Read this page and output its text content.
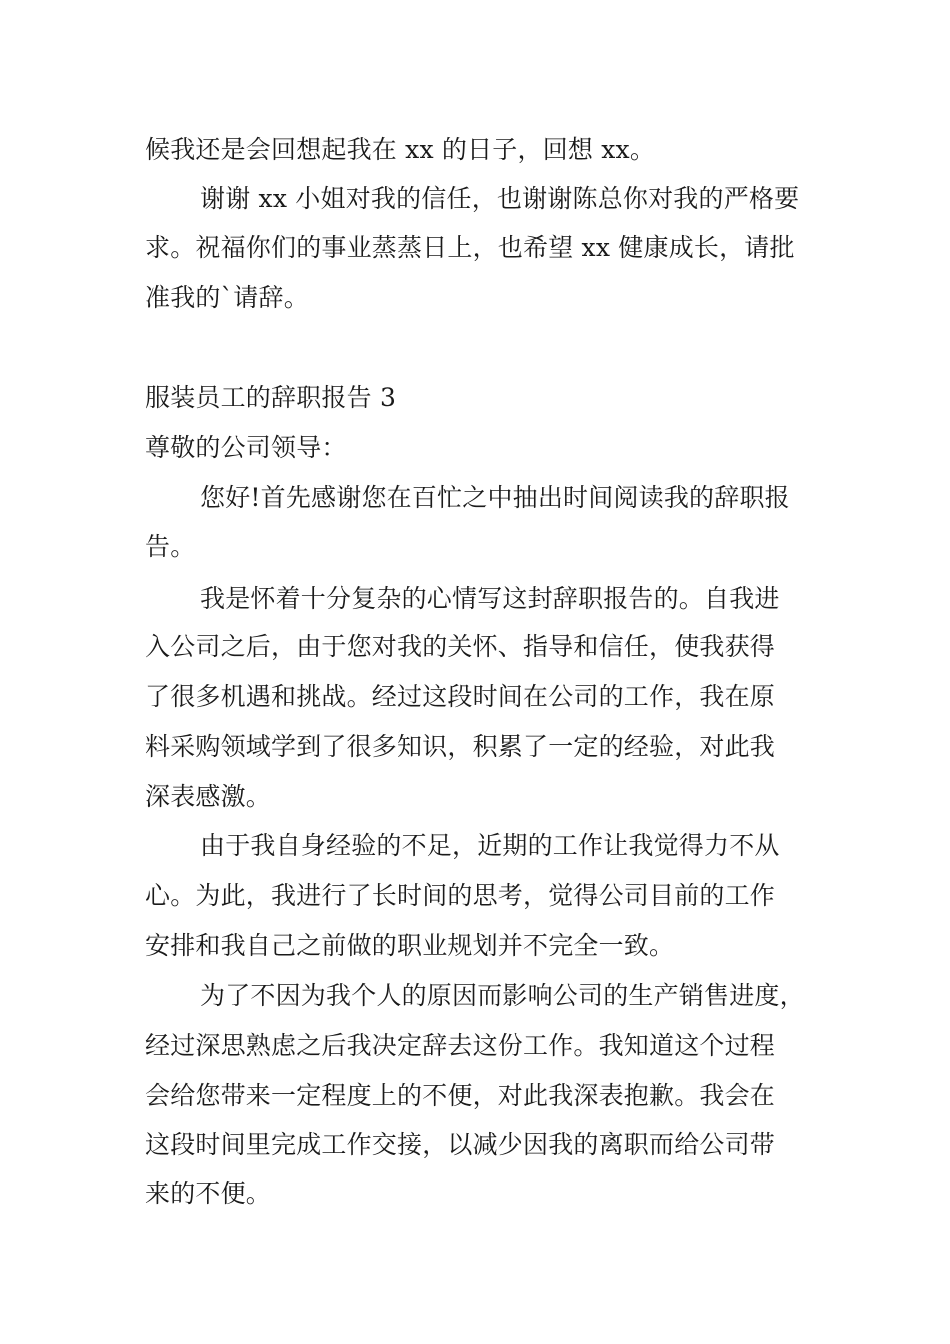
候我还是会回想起我在 xx 的日子，回想 xx。
谢谢 xx 小姐对我的信任，也谢谢陈总你对我的严格要
求。祝福你们的事业蒸蒸日上，也希望 xx 健康成长，请批
准我的`请辞。
服装员工的辞职报告 3
尊敬的公司领导：
您好!首先感谢您在百忙之中抽出时间阅读我的辞职报
告。
我是怀着十分复杂的心情写这封辞职报告的。自我进
入公司之后，由于您对我的关怀、指导和信任，使我获得
了很多机遇和挑战。经过这段时间在公司的工作，我在原
料采购领域学到了很多知识，积累了一定的经验，对此我
深表感激。
由于我自身经验的不足，近期的工作让我觉得力不从
心。为此，我进行了长时间的思考，觉得公司目前的工作
安排和我自己之前做的职业规划并不完全一致。
为了不因为我个人的原因而影响公司的生产销售进度，
经过深思熟虑之后我决定辞去这份工作。我知道这个过程
会给您带来一定程度上的不便，对此我深表抱歉。我会在
这段时间里完成工作交接，以减少因我的离职而给公司带
来的不便。
